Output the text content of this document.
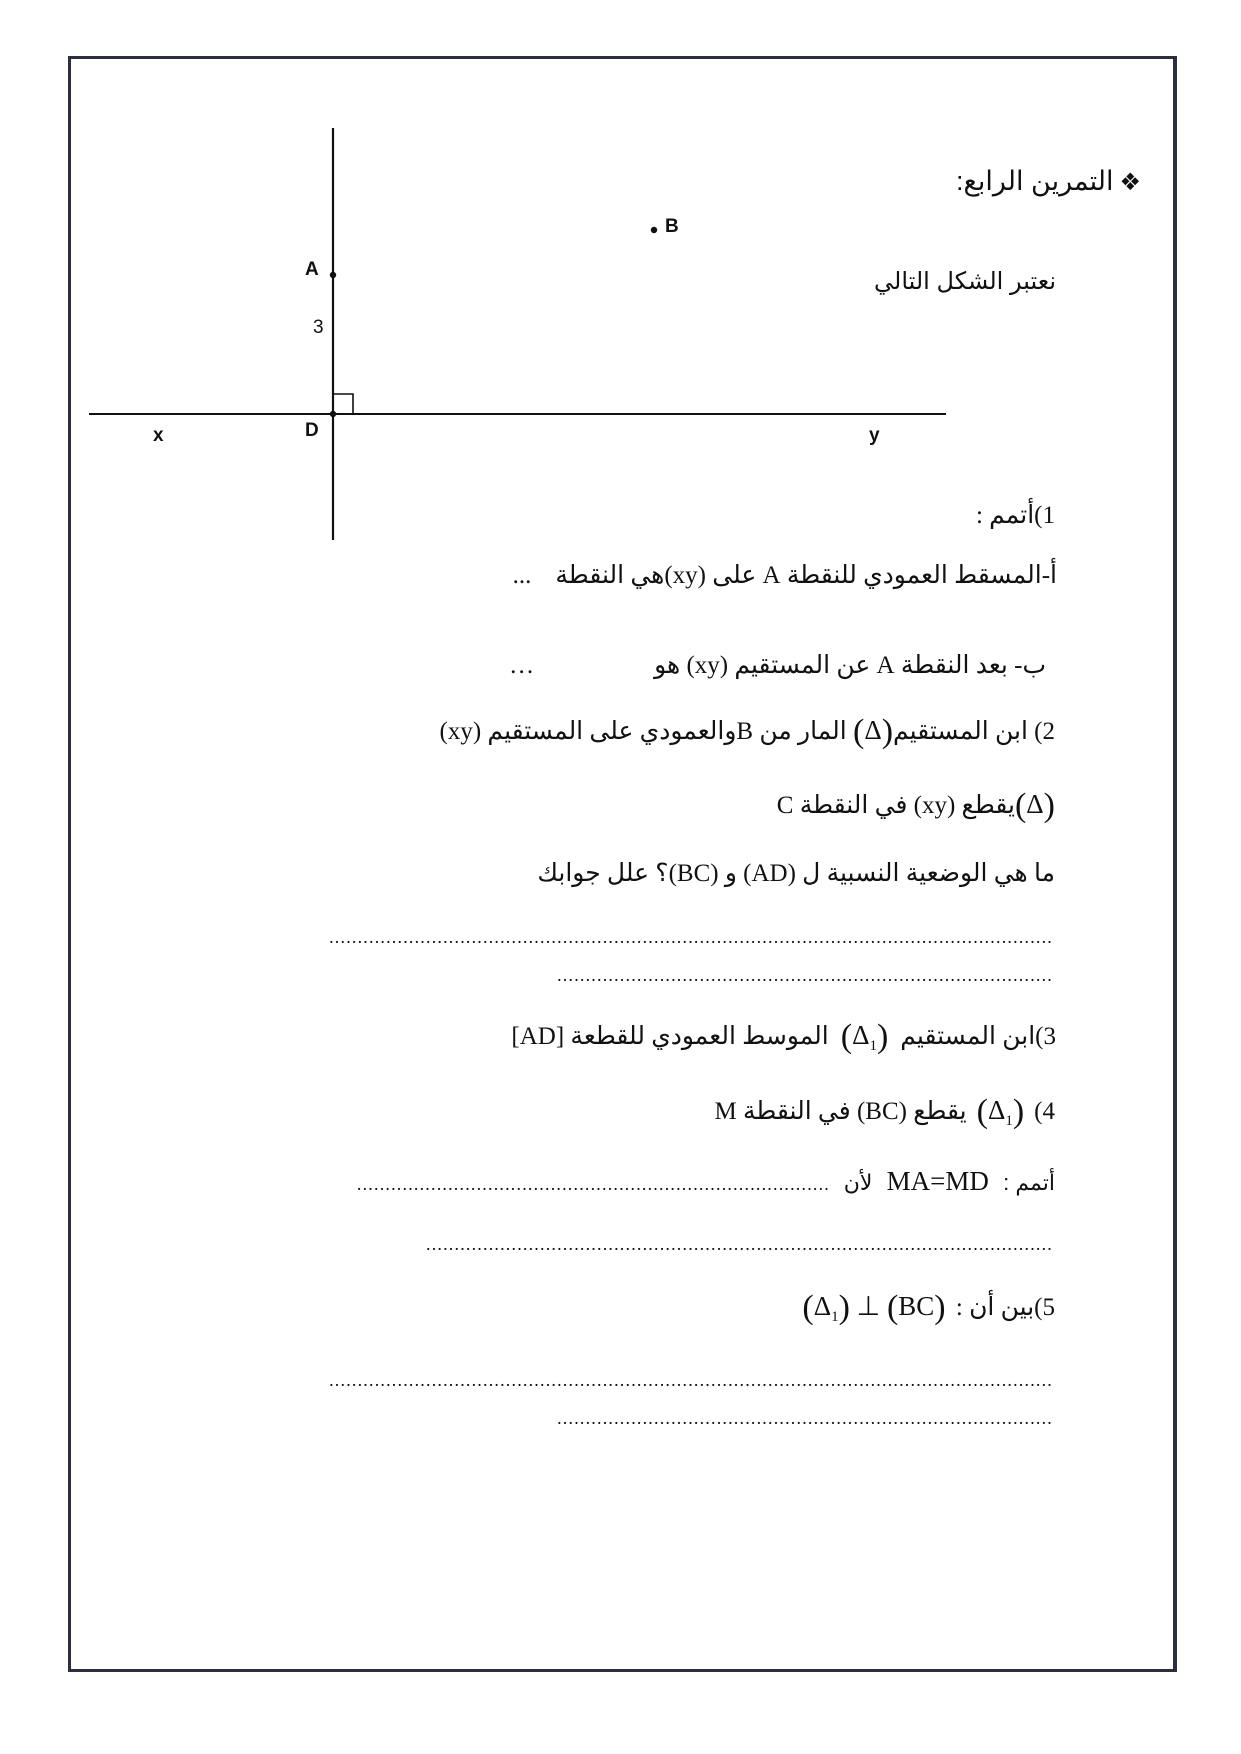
A
B
D
x	y
3
❖التمرين الرابع:
نعتبر الشكل التالي
1)أتمم :
أ-المسقط العمودي للنقطة A على (xy)هي النقطة...
ب- بعد النقطة A عن المستقيم (xy) هو…
2) ابن المستقيم(Δ) المار من Bوالعمودي على المستقيم (xy)
(Δ)يقطع (xy) في النقطة C
ما هي الوضعية النسبية ل (AD) و (BC)؟ علل جوابك
...............................................................................................................................
.......................................................................................
3)ابن $المستقيم(\Delta_1)الموسط$ العمودي للقطعة [AD]
$4)(\Delta_1)يقطع$ (BC) في النقطة M
أتمم : MA=MD لأن
...................................................................................
..............................................................................................................
5)بين أن : $(\Delta_1)$ ⊥ (BC)
...............................................................................................................................
.......................................................................................
